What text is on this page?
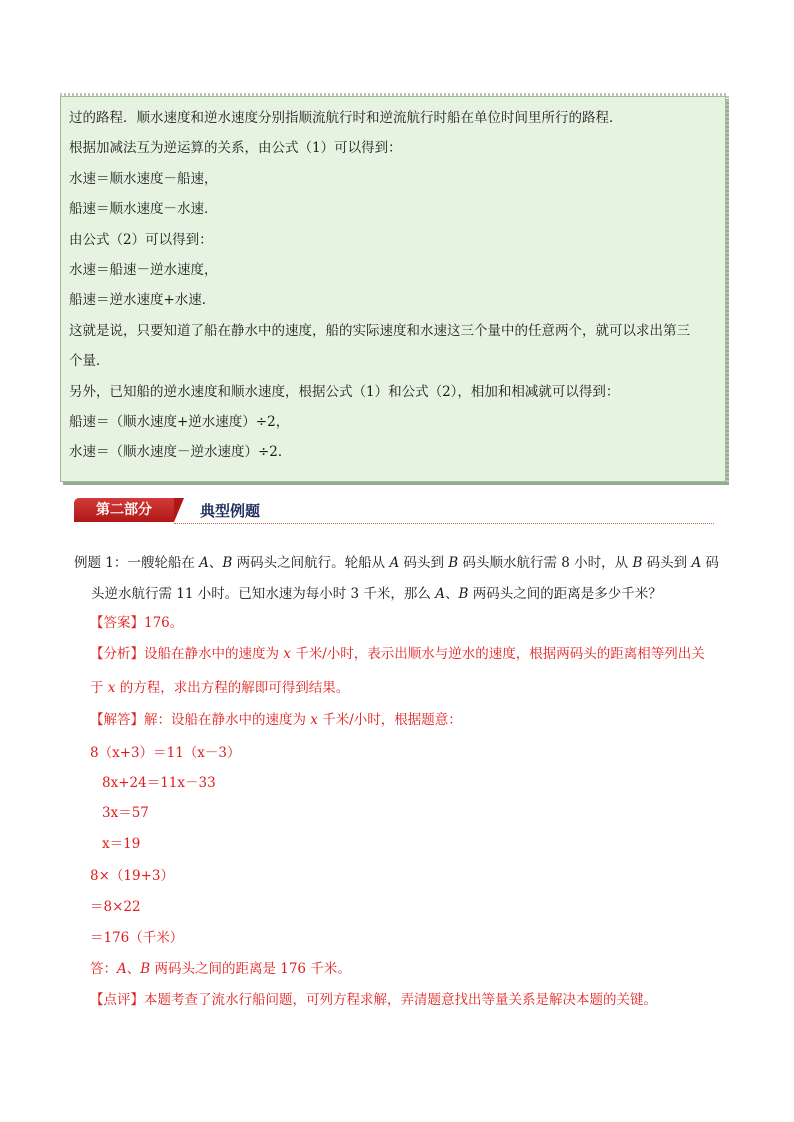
过的路程．顺水速度和逆水速度分别指顺流航行时和逆流航行时船在单位时间里所行的路程．
根据加减法互为逆运算的关系，由公式（1）可以得到：
水速＝顺水速度－船速，
船速＝顺水速度－水速．
由公式（2）可以得到：
水速＝船速－逆水速度，
船速＝逆水速度+水速．
这就是说，只要知道了船在静水中的速度，船的实际速度和水速这三个量中的任意两个，就可以求出第三
个量．
另外，已知船的逆水速度和顺水速度，根据公式（1）和公式（2），相加和相减就可以得到：
船速＝（顺水速度+逆水速度）÷2，
水速＝（顺水速度－逆水速度）÷2．
第二部分	典型例题
例题 1：一艘轮船在 A、B 两码头之间航行。轮船从 A 码头到 B 码头顺水航行需 8 小时，从 B 码头到 A 码
头逆水航行需 11 小时。已知水速为每小时 3 千米，那么 A、B 两码头之间的距离是多少千米？
【答案】176。
【分析】设船在静水中的速度为 x 千米/小时，表示出顺水与逆水的速度，根据两码头的距离相等列出关
于 x 的方程，求出方程的解即可得到结果。
【解答】解：设船在静水中的速度为 x 千米/小时，根据题意：
8（x+3）＝11（x－3）
8x+24＝11x－33
3x＝57
x＝19
8×（19+3）
＝8×22
＝176（千米）
答：A、B 两码头之间的距离是 176 千米。
【点评】本题考查了流水行船问题，可列方程求解，弄清题意找出等量关系是解决本题的关键。
